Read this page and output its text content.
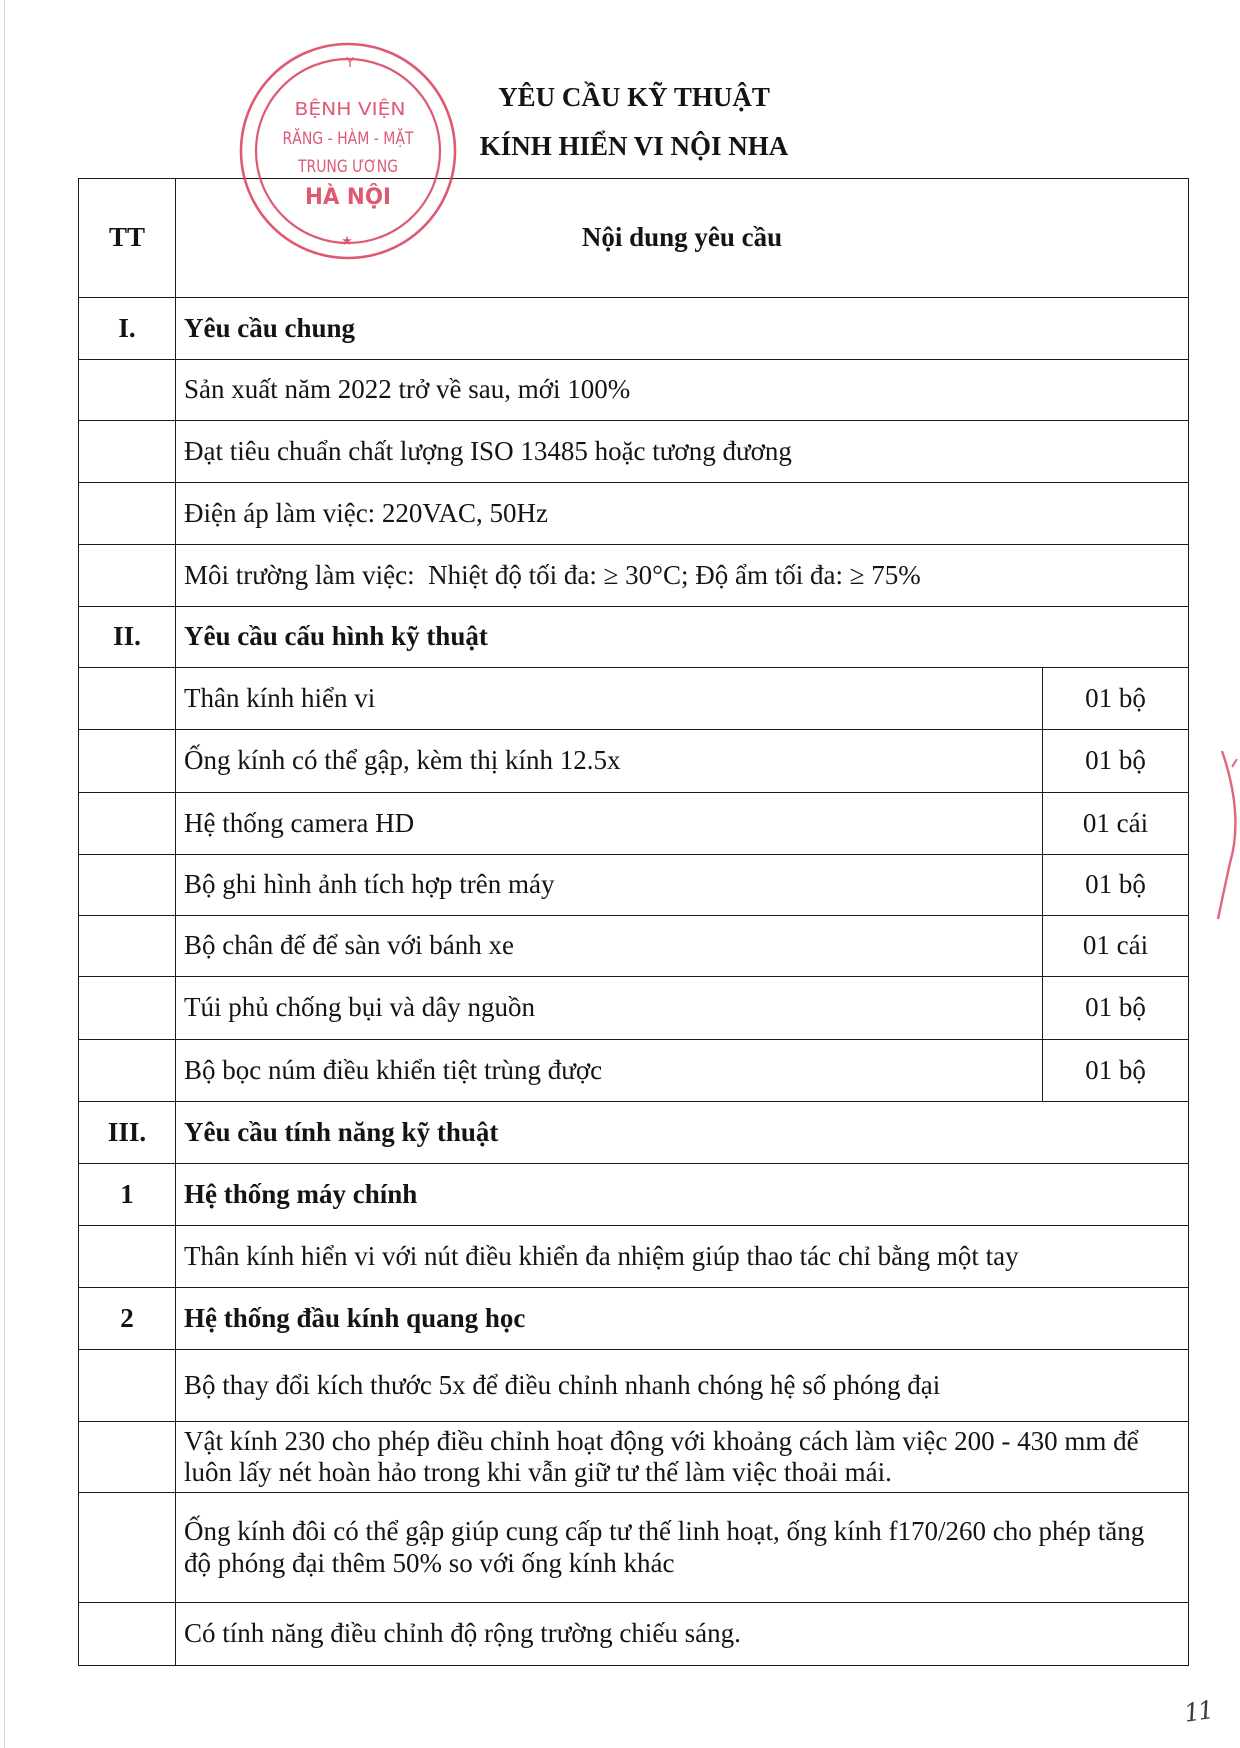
Y
BỆNH VIỆN
RĂNG - HÀM - MẶT
TRUNG ƯƠNG
HÀ NỘI
★
YÊU CẦU KỸ THUẬT
KÍNH HIỂN VI NỘI NHA
TT	Nội dung yêu cầu	
I.	Yêu cầu chung	
	Sản xuất năm 2022 trở về sau, mới 100%	
	Đạt tiêu chuẩn chất lượng ISO 13485 hoặc tương đương	
	Điện áp làm việc: 220VAC, 50Hz	
	Môi trường làm việc:  Nhiệt độ tối đa: ≥ 30°C; Độ ẩm tối đa: ≥ 75%	
II.	Yêu cầu cấu hình kỹ thuật	
	Thân kính hiển vi	01 bộ
	Ống kính có thể gập, kèm thị kính 12.5x	01 bộ
	Hệ thống camera HD	01 cái
	Bộ ghi hình ảnh tích hợp trên máy	01 bộ
	Bộ chân đế để sàn với bánh xe	01 cái
	Túi phủ chống bụi và dây nguồn	01 bộ
	Bộ bọc núm điều khiển tiệt trùng được	01 bộ
III.	Yêu cầu tính năng kỹ thuật	
1	Hệ thống máy chính	
	Thân kính hiển vi với nút điều khiển đa nhiệm giúp thao tác chỉ bằng một tay	
2	Hệ thống đầu kính quang học	
	Bộ thay đổi kích thước 5x để điều chỉnh nhanh chóng hệ số phóng đại	
	Vật kính 230 cho phép điều chỉnh hoạt động với khoảng cách làm việc 200 - 430 mm để luôn lấy nét hoàn hảo trong khi vẫn giữ tư thế làm việc thoải mái.	
	Ống kính đôi có thể gập giúp cung cấp tư thế linh hoạt, ống kính f170/260 cho phép tăng độ phóng đại thêm 50% so với ống kính khác	
	Có tính năng điều chỉnh độ rộng trường chiếu sáng.	
11
